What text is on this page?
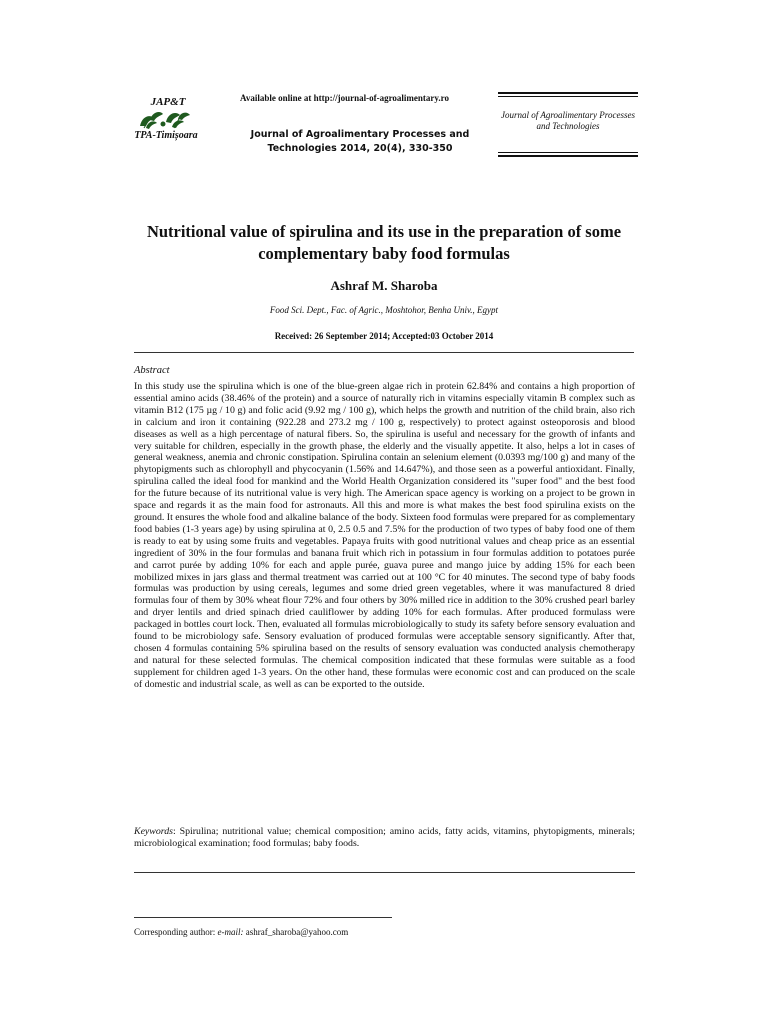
JAP&T
TPA-Timișoara
Available online at http://journal-of-agroalimentary.ro
Journal of Agroalimentary Processes and Technologies 2014, 20(4), 330-350
Journal of Agroalimentary Processes and Technologies
Nutritional value of spirulina and its use in the preparation of some complementary baby food formulas
Ashraf M. Sharoba
Food Sci. Dept., Fac. of Agric., Moshtohor, Benha Univ., Egypt
Received: 26 September 2014; Accepted:03 October 2014
Abstract
In this study use the spirulina which is one of the blue-green algae rich in protein 62.84% and contains a high proportion of essential amino acids (38.46% of the protein) and a source of naturally rich in vitamins especially vitamin B complex such as vitamin B12 (175 µg / 10 g) and folic acid (9.92 mg / 100 g), which helps the growth and nutrition of the child brain, also rich in calcium and iron it containing (922.28 and 273.2 mg / 100 g, respectively) to protect against osteoporosis and blood diseases as well as a high percentage of natural fibers. So, the spirulina is useful and necessary for the growth of infants and very suitable for children, especially in the growth phase, the elderly and the visually appetite. It also, helps a lot in cases of general weakness, anemia and chronic constipation. Spirulina contain an selenium element (0.0393 mg/100 g) and many of the phytopigments such as chlorophyll and phycocyanin (1.56% and 14.647%), and those seen as a powerful antioxidant. Finally, spirulina called the ideal food for mankind and the World Health Organization considered its "super food" and the best food for the future because of its nutritional value is very high. The American space agency is working on a project to be grown in space and regards it as the main food for astronauts. All this and more is what makes the best food spirulina exists on the ground. It ensures the whole food and alkaline balance of the body. Sixteen food formulas were prepared for as complementary food babies (1-3 years age) by using spirulina at 0, 2.5 0.5 and 7.5% for the production of two types of baby food one of them is ready to eat by using some fruits and vegetables. Papaya fruits with good nutritional values and cheap price as an essential ingredient of 30% in the four formulas and banana fruit which rich in potassium in four formulas addition to potatoes purée and carrot purée by adding 10% for each and apple purée, guava puree and mango juice by adding 15% for each been mobilized mixes in jars glass and thermal treatment was carried out at 100 °C for 40 minutes. The second type of baby foods formulas was production by using cereals, legumes and some dried green vegetables, where it was manufactured 8 dried formulas four of them by 30% wheat flour 72% and four others by 30% milled rice in addition to the 30% crushed pearl barley and dryer lentils and dried spinach dried cauliflower by adding 10% for each formulas. After produced formulass were packaged in bottles court lock. Then, evaluated all formulas microbiologically to study its safety before sensory evaluation and found to be microbiology safe. Sensory evaluation of produced formulas were acceptable sensory significantly. After that, chosen 4 formulas containing 5% spirulina based on the results of sensory evaluation was conducted analysis chemotherapy and natural for these selected formulas. The chemical composition indicated that these formulas were suitable as a food supplement for children aged 1-3 years. On the other hand, these formulas were economic cost and can produced on the scale of domestic and industrial scale, as well as can be exported to the outside.
Keywords: Spirulina; nutritional value; chemical composition; amino acids, fatty acids, vitamins, phytopigments, minerals; microbiological examination; food formulas; baby foods.
Corresponding author: e-mail: ashraf_sharoba@yahoo.com
